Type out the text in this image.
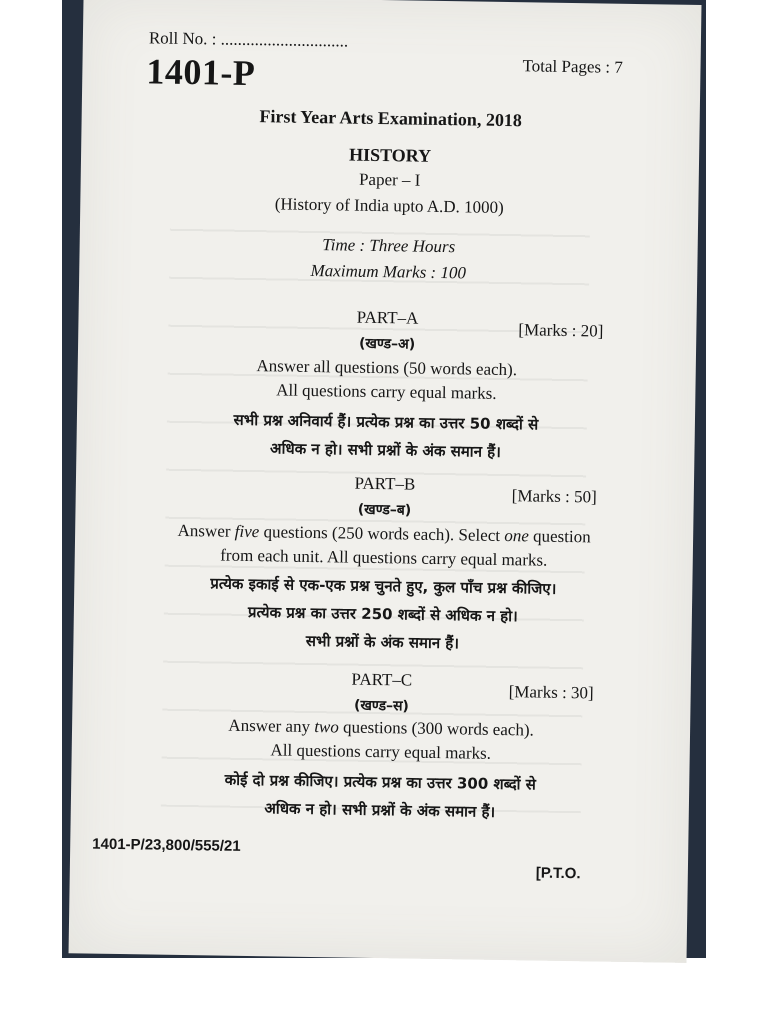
Roll No. : ..............................
1401-P	Total Pages : 7
First Year Arts Examination, 2018
HISTORY
Paper – I
(History of India upto A.D. 1000)
Time : Three Hours
Maximum Marks : 100
PART–A
[Marks : 20]
(खण्ड–अ)
Answer all questions (50 words each).
All questions carry equal marks.
सभी प्रश्न अनिवार्य हैं। प्रत्येक प्रश्न का उत्तर 50 शब्दों से
अधिक न हो। सभी प्रश्नों के अंक समान हैं।
PART–B
[Marks : 50]
(खण्ड–ब)
Answer five questions (250 words each). Select one question
from each unit. All questions carry equal marks.
प्रत्येक इकाई से एक-एक प्रश्न चुनते हुए, कुल पाँच प्रश्न कीजिए।
प्रत्येक प्रश्न का उत्तर 250 शब्दों से अधिक न हो।
सभी प्रश्नों के अंक समान हैं।
PART–C
[Marks : 30]
(खण्ड–स)
Answer any two questions (300 words each).
All questions carry equal marks.
कोई दो प्रश्न कीजिए। प्रत्येक प्रश्न का उत्तर 300 शब्दों से
अधिक न हो। सभी प्रश्नों के अंक समान हैं।
1401-P/23,800/555/21
[P.T.O.
